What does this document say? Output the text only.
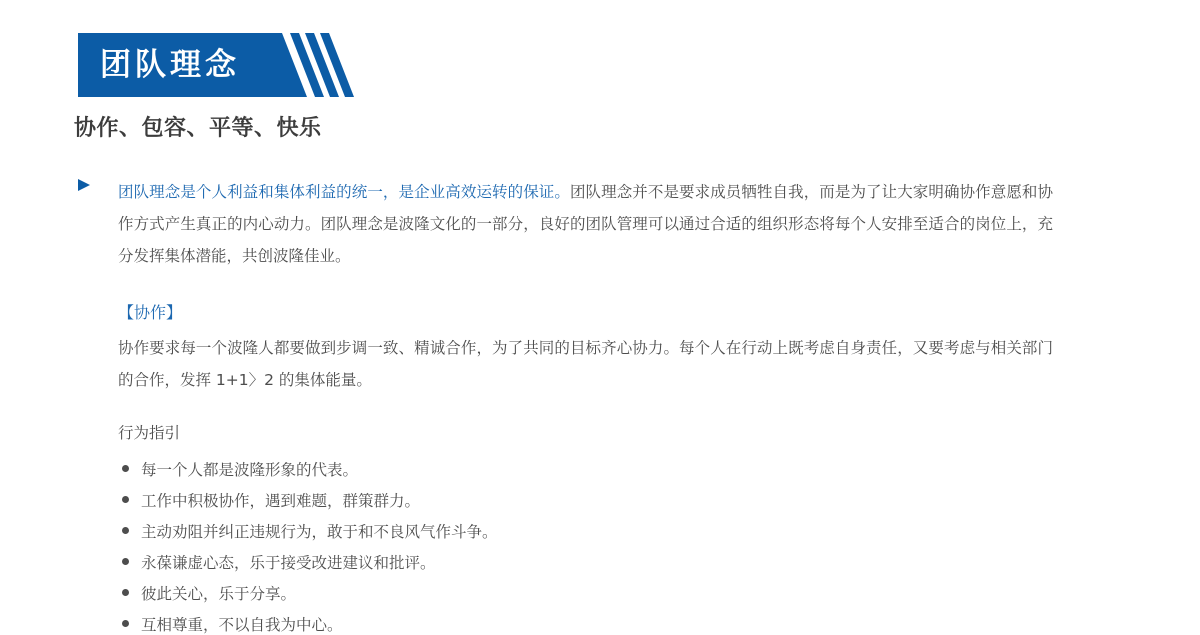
团队理念
协作、包容、平等、快乐

团队理念是个人利益和集体利益的统一，是企业高效运转的保证。团队理念并不是要求成员牺牲自我，而是为了让大家明确协作意愿和协作方式产生真正的内心动力。团队理念是波隆文化的一部分，良好的团队管理可以通过合适的组织形态将每个人安排至适合的岗位上，充分发挥集体潜能，共创波隆佳业。

【协作】

协作要求每一个波隆人都要做到步调一致、精诚合作，为了共同的目标齐心协力。每个人在行动上既考虑自身责任，又要考虑与相关部门的合作，发挥 1+1〉2 的集体能量。

行为指引

每一个人都是波隆形象的代表。
工作中积极协作，遇到难题，群策群力。
主动劝阻并纠正违规行为，敢于和不良风气作斗争。
永葆谦虚心态，乐于接受改进建议和批评。
彼此关心，乐于分享。
互相尊重，不以自我为中心。
